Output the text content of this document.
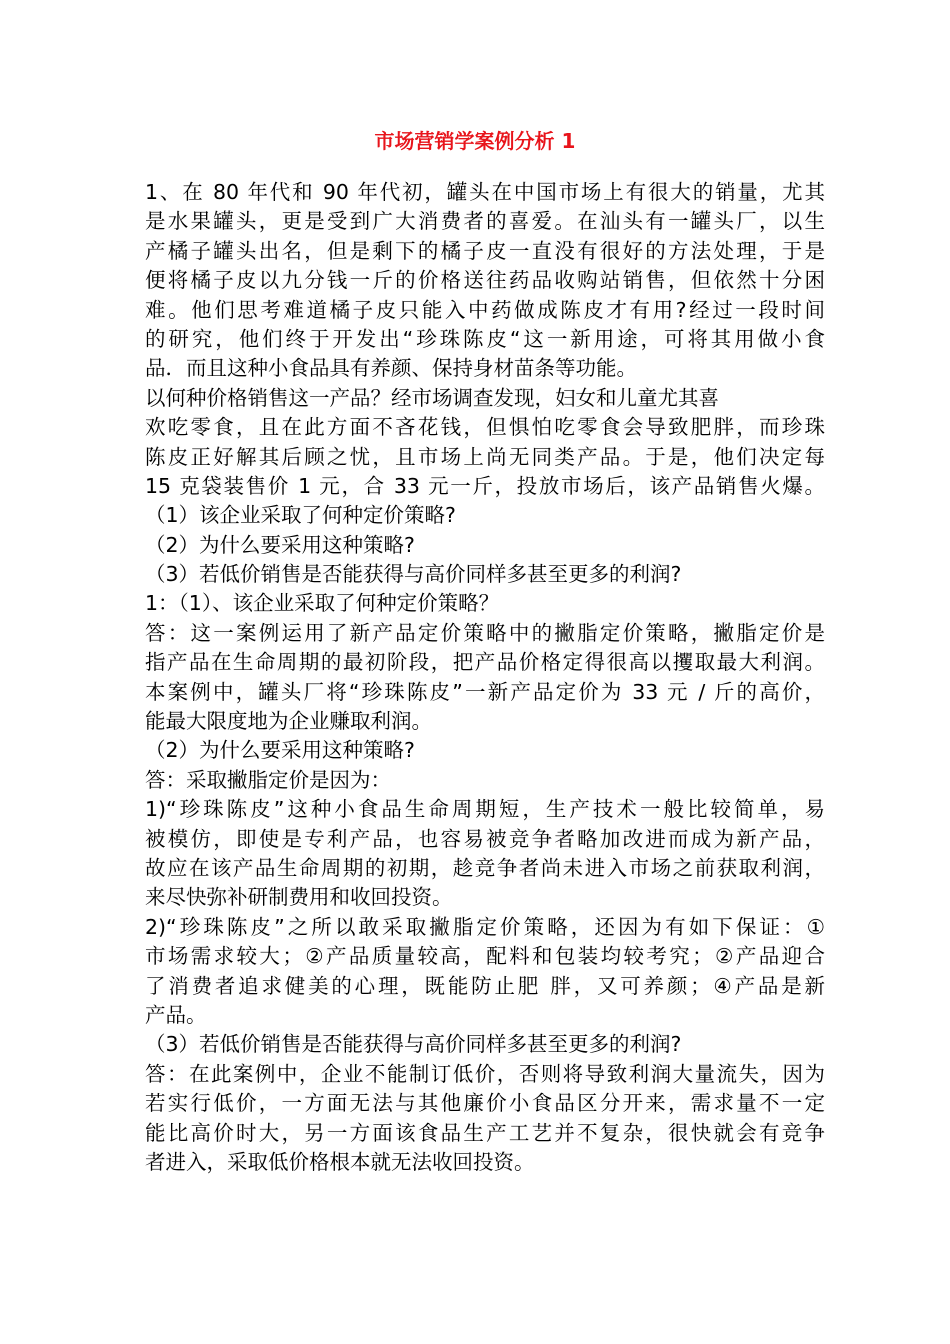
市场营销学案例分析 1
1、在 80 年代和 90 年代初，罐头在中国市场上有很大的销量，尤其
是水果罐头，更是受到广大消费者的喜爱。在汕头有一罐头厂，以生
产橘子罐头出名，但是剩下的橘子皮一直没有很好的方法处理，于是
便将橘子皮以九分钱一斤的价格送往药品收购站销售，但依然十分困
难。他们思考难道橘子皮只能入中药做成陈皮才有用?经过一段时间
的研究，他们终于开发出“珍珠陈皮“这一新用途，可将其用做小食
品．而且这种小食品具有养颜、保持身材苗条等功能。
以何种价格销售这一产品？经市场调查发现，妇女和儿童尤其喜
欢吃零食，且在此方面不吝花钱，但惧怕吃零食会导致肥胖，而珍珠
陈皮正好解其后顾之忧，且市场上尚无同类产品。于是，他们决定每
15 克袋装售价 1 元，合 33 元一斤，投放市场后，该产品销售火爆。
（1）该企业采取了何种定价策略?
（2）为什么要采用这种策略?
（3）若低价销售是否能获得与高价同样多甚至更多的利润?
1：（1）、该企业采取了何种定价策略？
答：这一案例运用了新产品定价策略中的撇脂定价策略，撇脂定价是
指产品在生命周期的最初阶段，把产品价格定得很高以攫取最大利润。
本案例中，罐头厂将“珍珠陈皮”一新产品定价为 33 元 / 斤的高价，
能最大限度地为企业赚取利润。
（2）为什么要采用这种策略?
答：采取撇脂定价是因为：
1)“珍珠陈皮”这种小食品生命周期短，生产技术一般比较简单，易
被模仿，即使是专利产品，也容易被竞争者略加改进而成为新产品，
故应在该产品生命周期的初期，趁竞争者尚未进入市场之前获取利润，
来尽快弥补研制费用和收回投资。
2)“珍珠陈皮”之所以敢采取撇脂定价策略，还因为有如下保证：①
市场需求较大；②产品质量较高，配料和包装均较考究；②产品迎合
了消费者追求健美的心理，既能防止肥 胖，又可养颜；④产品是新
产品。
（3）若低价销售是否能获得与高价同样多甚至更多的利润?
答：在此案例中，企业不能制订低价，否则将导致利润大量流失，因为
若实行低价，一方面无法与其他廉价小食品区分开来，需求量不一定
能比高价时大，另一方面该食品生产工艺并不复杂，很快就会有竞争
者进入，采取低价格根本就无法收回投资。
